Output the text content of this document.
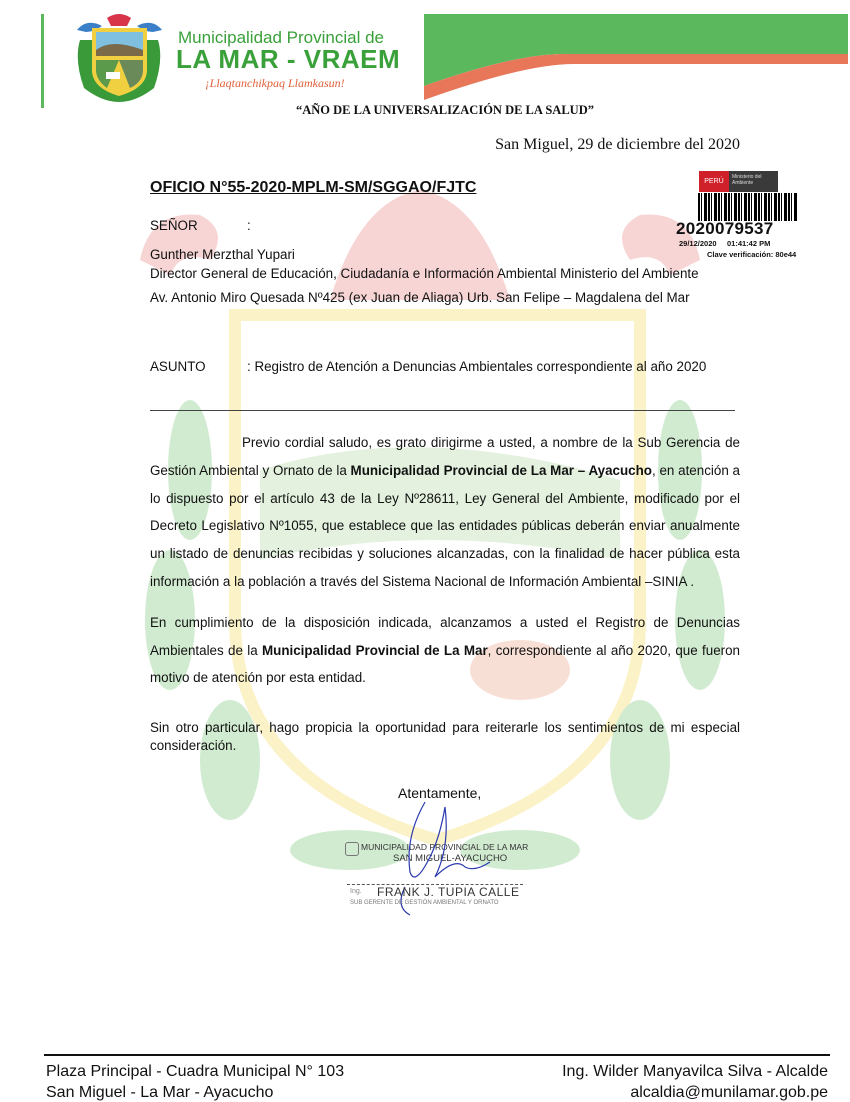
Municipalidad Provincial de
LA MAR - VRAEM
¡Llaqtanchikpaq Llamkasun!
“AÑO DE LA UNIVERSALIZACIÓN DE LA SALUD”
San Miguel, 29 de diciembre del 2020
OFICIO N°55-2020-MPLM-SM/SGGAO/FJTC	PERÚ
Ministerio del Ambiente
2020079537
29/12/2020 01:41:42 PM
Clave verificación: 80e44
SEÑOR	:
Gunther Merzthal Yupari
Director General de Educación, Ciudadanía e Información Ambiental Ministerio del Ambiente
Av. Antonio Miro Quesada Nº425 (ex Juan de Aliaga) Urb. San Felipe – Magdalena del Mar
ASUNTO	: Registro de Atención a Denuncias Ambientales correspondiente al año 2020
Previo cordial saludo, es grato dirigirme a usted, a nombre de la Sub Gerencia de Gestión Ambiental y Ornato de la Municipalidad Provincial de La Mar – Ayacucho, en atención a lo dispuesto por el artículo 43 de la Ley Nº28611, Ley General del Ambiente, modificado por el Decreto Legislativo Nº1055, que establece que las entidades públicas deberán enviar anualmente un listado de denuncias recibidas y soluciones alcanzadas, con la finalidad de hacer pública esta información a la población a través del Sistema Nacional de Información Ambiental –SINIA .
En cumplimiento de la disposición indicada, alcanzamos a usted el Registro de Denuncias Ambientales de la Municipalidad Provincial de La Mar, correspondiente al año 2020, que fueron motivo de atención por esta entidad.
Sin otro particular, hago propicia la oportunidad para reiterarle los sentimientos de mi especial consideración.
Atentamente,
MUNICIPALIDAD PROVINCIAL DE LA MAR
SAN MIGUEL-AYACUCHO
Ing. FRANK J. TUPIA CALLE
SUB GERENTE DE GESTIÓN AMBIENTAL Y ORNATO
Plaza Principal - Cuadra Municipal N° 103
San Miguel - La Mar - Ayacucho
Ing. Wilder Manyavilca Silva - Alcalde
alcaldia@munilamar.gob.pe
